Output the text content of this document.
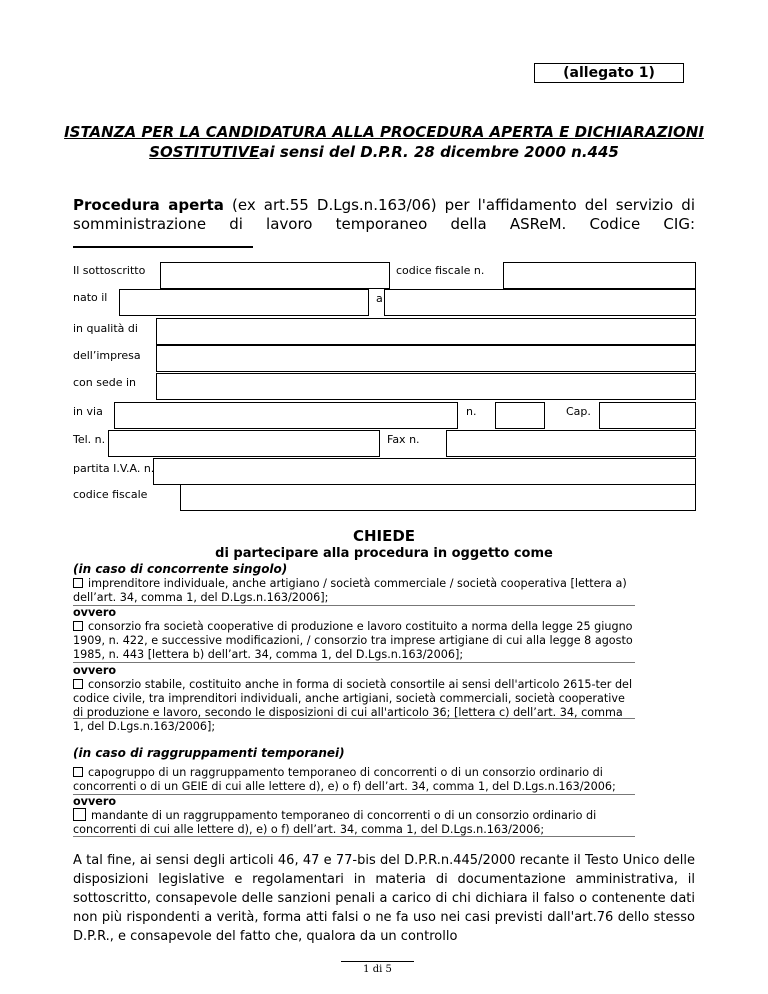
(allegato 1)
ISTANZA PER LA CANDIDATURA ALLA PROCEDURA APERTA E DICHIARAZIONI
SOSTITUTIVEai sensi del D.P.R. 28 dicembre 2000 n.445
Procedura aperta (ex art.55 D.Lgs.n.163/06) per l'affidamento del servizio di somministrazione di lavoro temporaneo della ASReM. Codice CIG:
Il sottoscritto	codice fiscale n.
nato il	a
in qualità di
dell’impresa
con sede in
in via	n.	Cap.
Tel. n.	Fax n.
partita I.V.A. n.
codice fiscale
CHIEDE
di partecipare alla procedura in oggetto come
(in caso di concorrente singolo)
imprenditore individuale, anche artigiano / società commerciale / società cooperativa [lettera a) dell’art. 34, comma 1, del D.Lgs.n.163/2006];
ovvero
consorzio fra società cooperative di produzione e lavoro costituito a norma della legge 25 giugno 1909, n. 422, e successive modificazioni, / consorzio tra imprese artigiane di cui alla legge 8 agosto 1985, n. 443 [lettera b) dell’art. 34, comma 1, del D.Lgs.n.163/2006];
ovvero
consorzio stabile, costituito anche in forma di società consortile ai sensi dell'articolo 2615-ter del codice civile, tra imprenditori individuali, anche artigiani, società commerciali, società cooperative di produzione e lavoro, secondo le disposizioni di cui all'articolo 36; [lettera c) dell’art. 34, comma 1, del D.Lgs.n.163/2006];
(in caso di raggruppamenti temporanei)
capogruppo di un raggruppamento temporaneo di concorrenti o di un consorzio ordinario di concorrenti o di un GEIE di cui alle lettere d), e) o f) dell’art. 34, comma 1, del D.Lgs.n.163/2006;
ovvero
mandante di un raggruppamento temporaneo di concorrenti o di un consorzio ordinario di concorrenti di cui alle lettere d), e) o f) dell’art. 34, comma 1, del D.Lgs.n.163/2006;
A tal fine, ai sensi degli articoli 46, 47 e 77-bis del D.P.R.n.445/2000 recante il Testo Unico delle disposizioni legislative e regolamentari in materia di documentazione amministrativa, il sottoscritto, consapevole delle sanzioni penali a carico di chi dichiara il falso o contenente dati non più rispondenti a verità, forma atti falsi o ne fa uso nei casi previsti dall'art.76 dello stesso D.P.R., e consapevole del fatto che, qualora da un controllo
1 di 5
